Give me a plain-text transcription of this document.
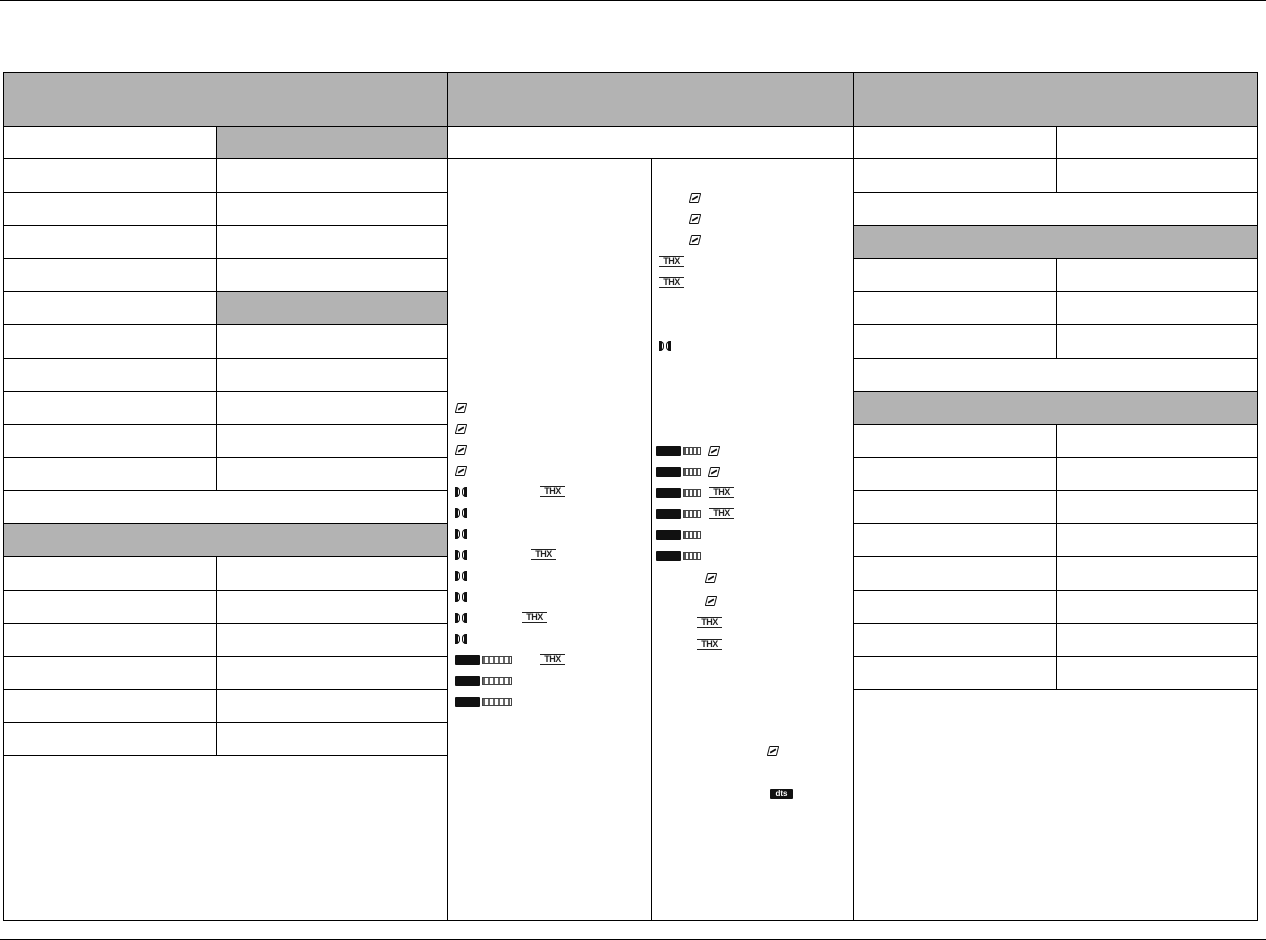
THX
THX
THX
THX
THX
THX
THX
THX
THX
THX
dts
